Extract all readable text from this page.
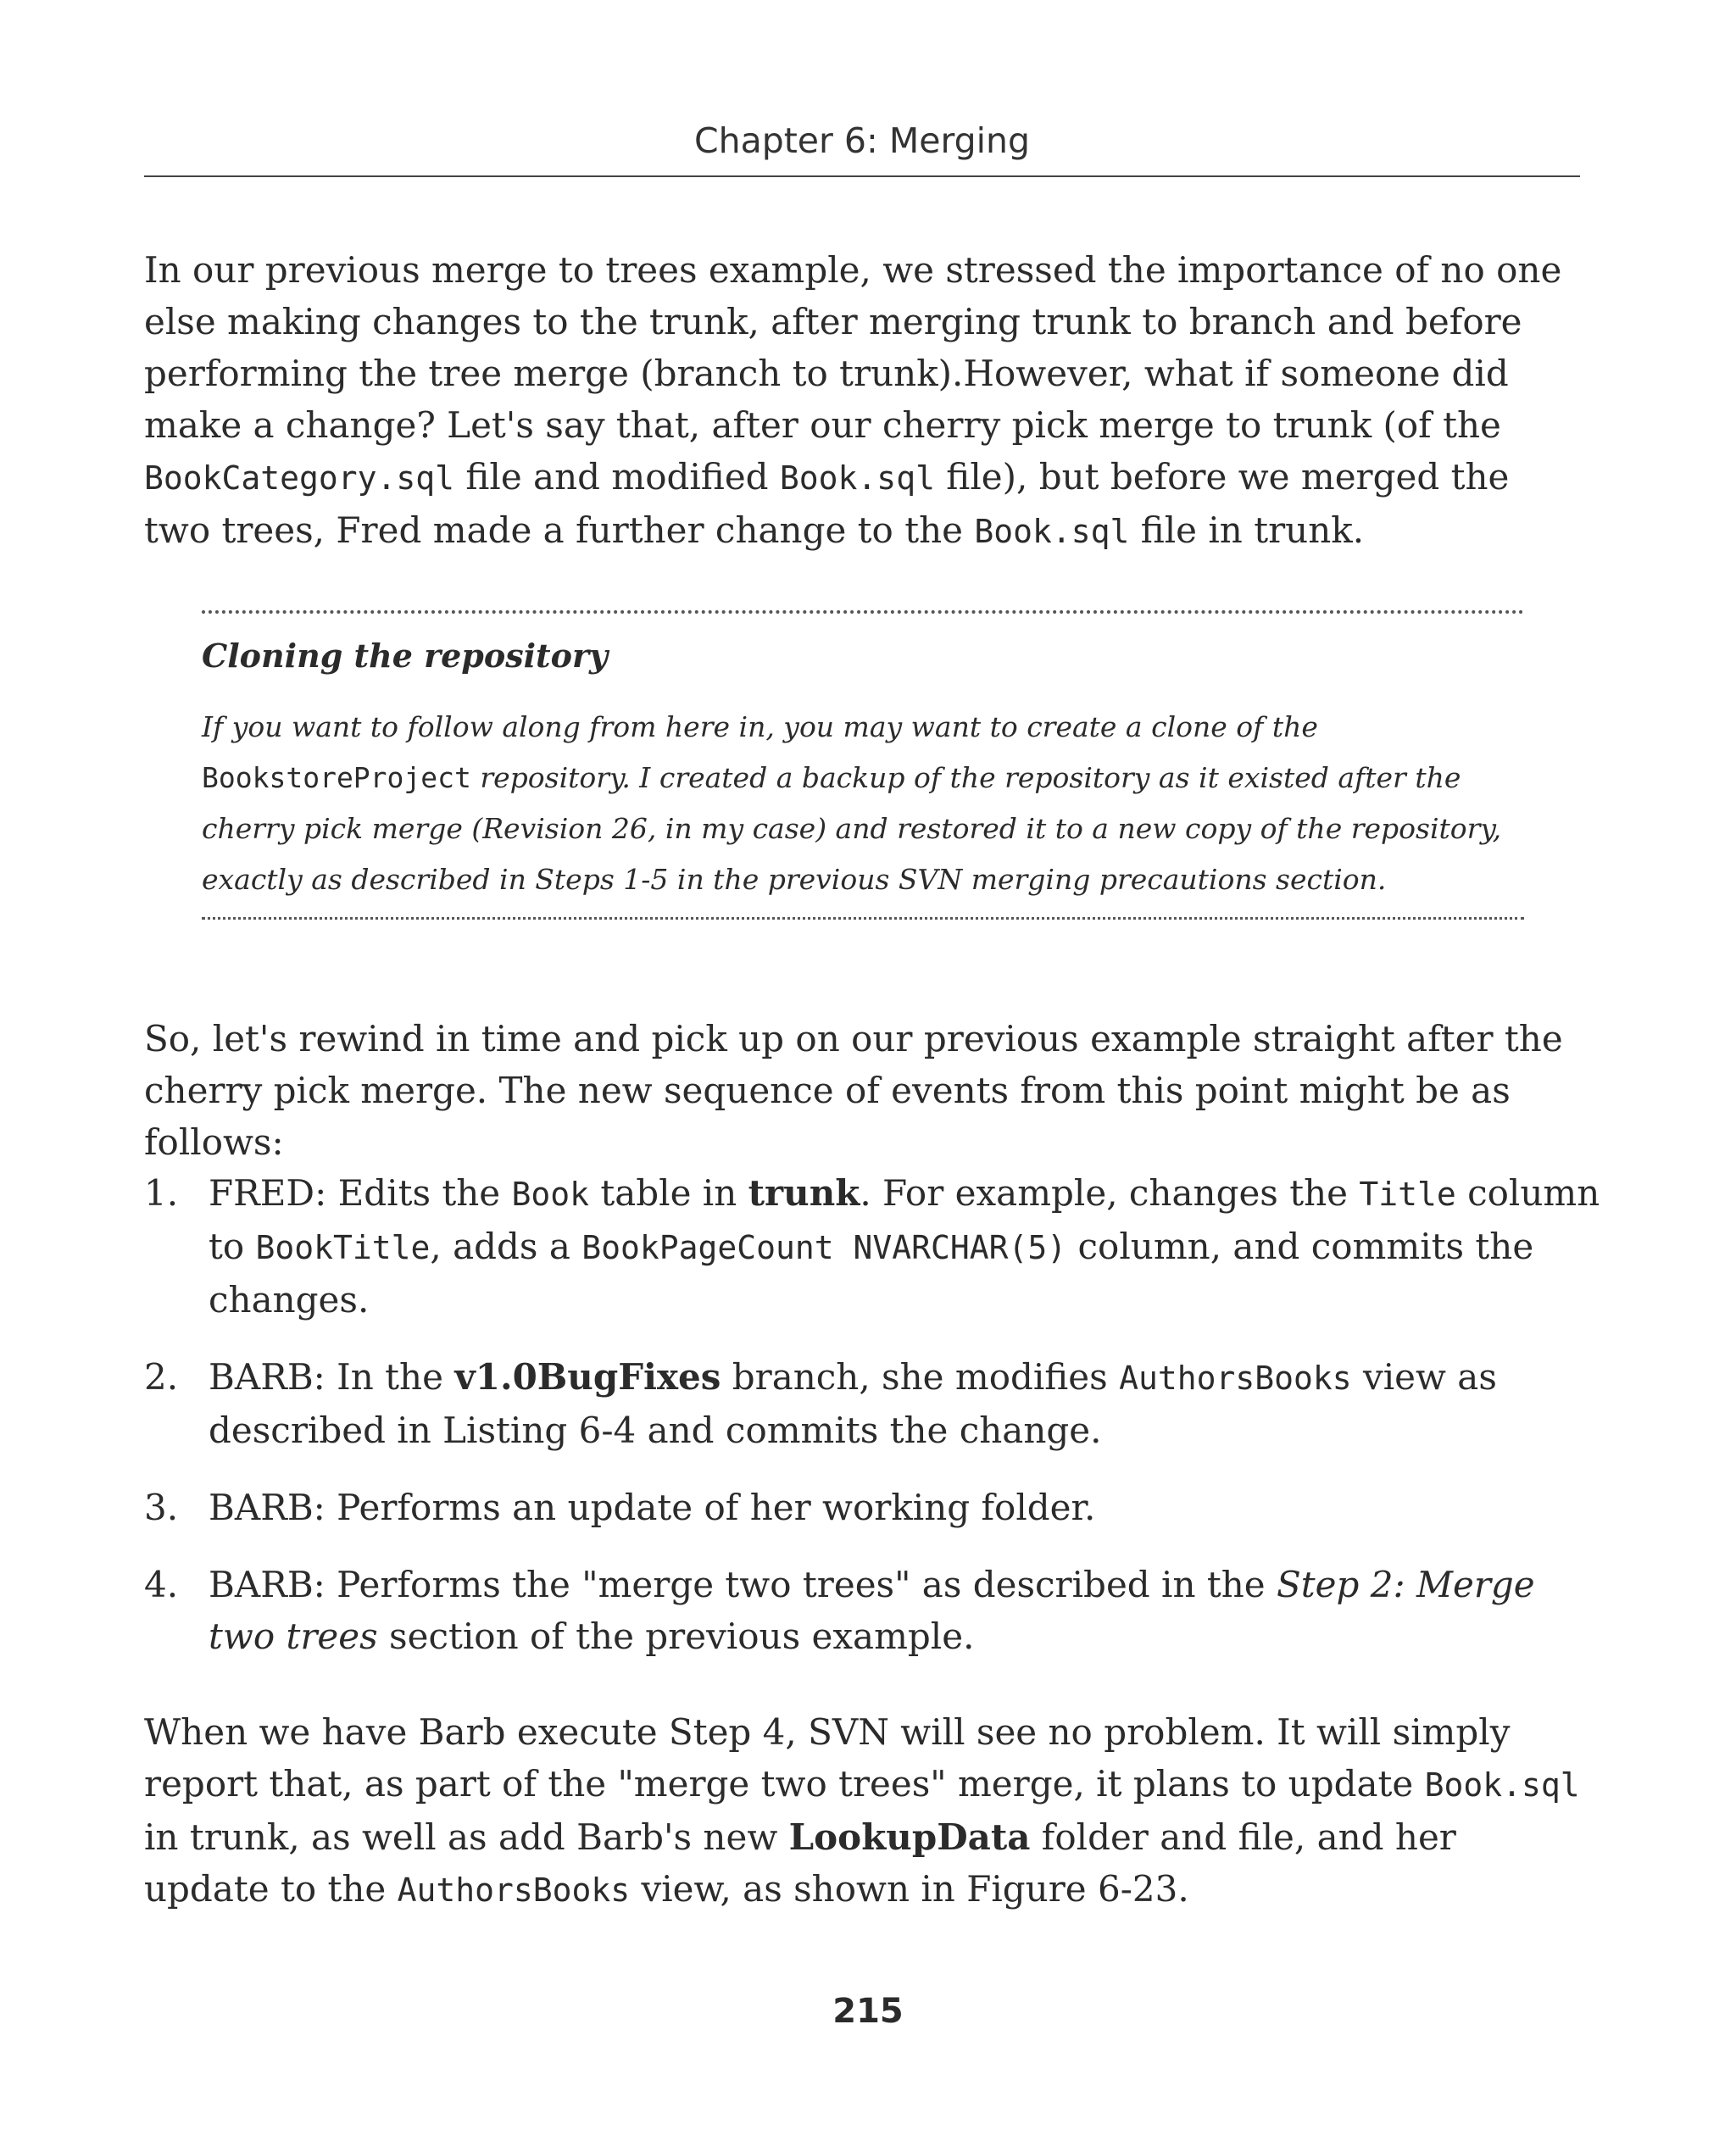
Chapter 6: Merging

In our previous merge to trees example, we stressed the importance of no one else making changes to the trunk, after merging trunk to branch and before performing the tree merge (branch to trunk).However, what if someone did make a change? Let's say that, after our cherry pick merge to trunk (of the BookCategory.sql file and modified Book.sql file), but before we merged the two trees, Fred made a further change to the Book.sql file in trunk.

Cloning the repository

If you want to follow along from here in, you may want to create a clone of the BookstoreProject repository. I created a backup of the repository as it existed after the cherry pick merge (Revision 26, in my case) and restored it to a new copy of the repository, exactly as described in Steps 1-5 in the previous SVN merging precautions section.

So, let's rewind in time and pick up on our previous example straight after the cherry pick merge. The new sequence of events from this point might be as follows:

1. FRED: Edits the Book table in trunk. For example, changes the Title column to BookTitle, adds a BookPageCount NVARCHAR(5) column, and commits the changes.
2. BARB: In the v1.0BugFixes branch, she modifies AuthorsBooks view as described in Listing 6-4 and commits the change.
3. BARB: Performs an update of her working folder.
4. BARB: Performs the "merge two trees" as described in the Step 2: Merge two trees section of the previous example.

When we have Barb execute Step 4, SVN will see no problem. It will simply report that, as part of the "merge two trees" merge, it plans to update Book.sql in trunk, as well as add Barb's new LookupData folder and file, and her update to the AuthorsBooks view, as shown in Figure 6-23.

215
